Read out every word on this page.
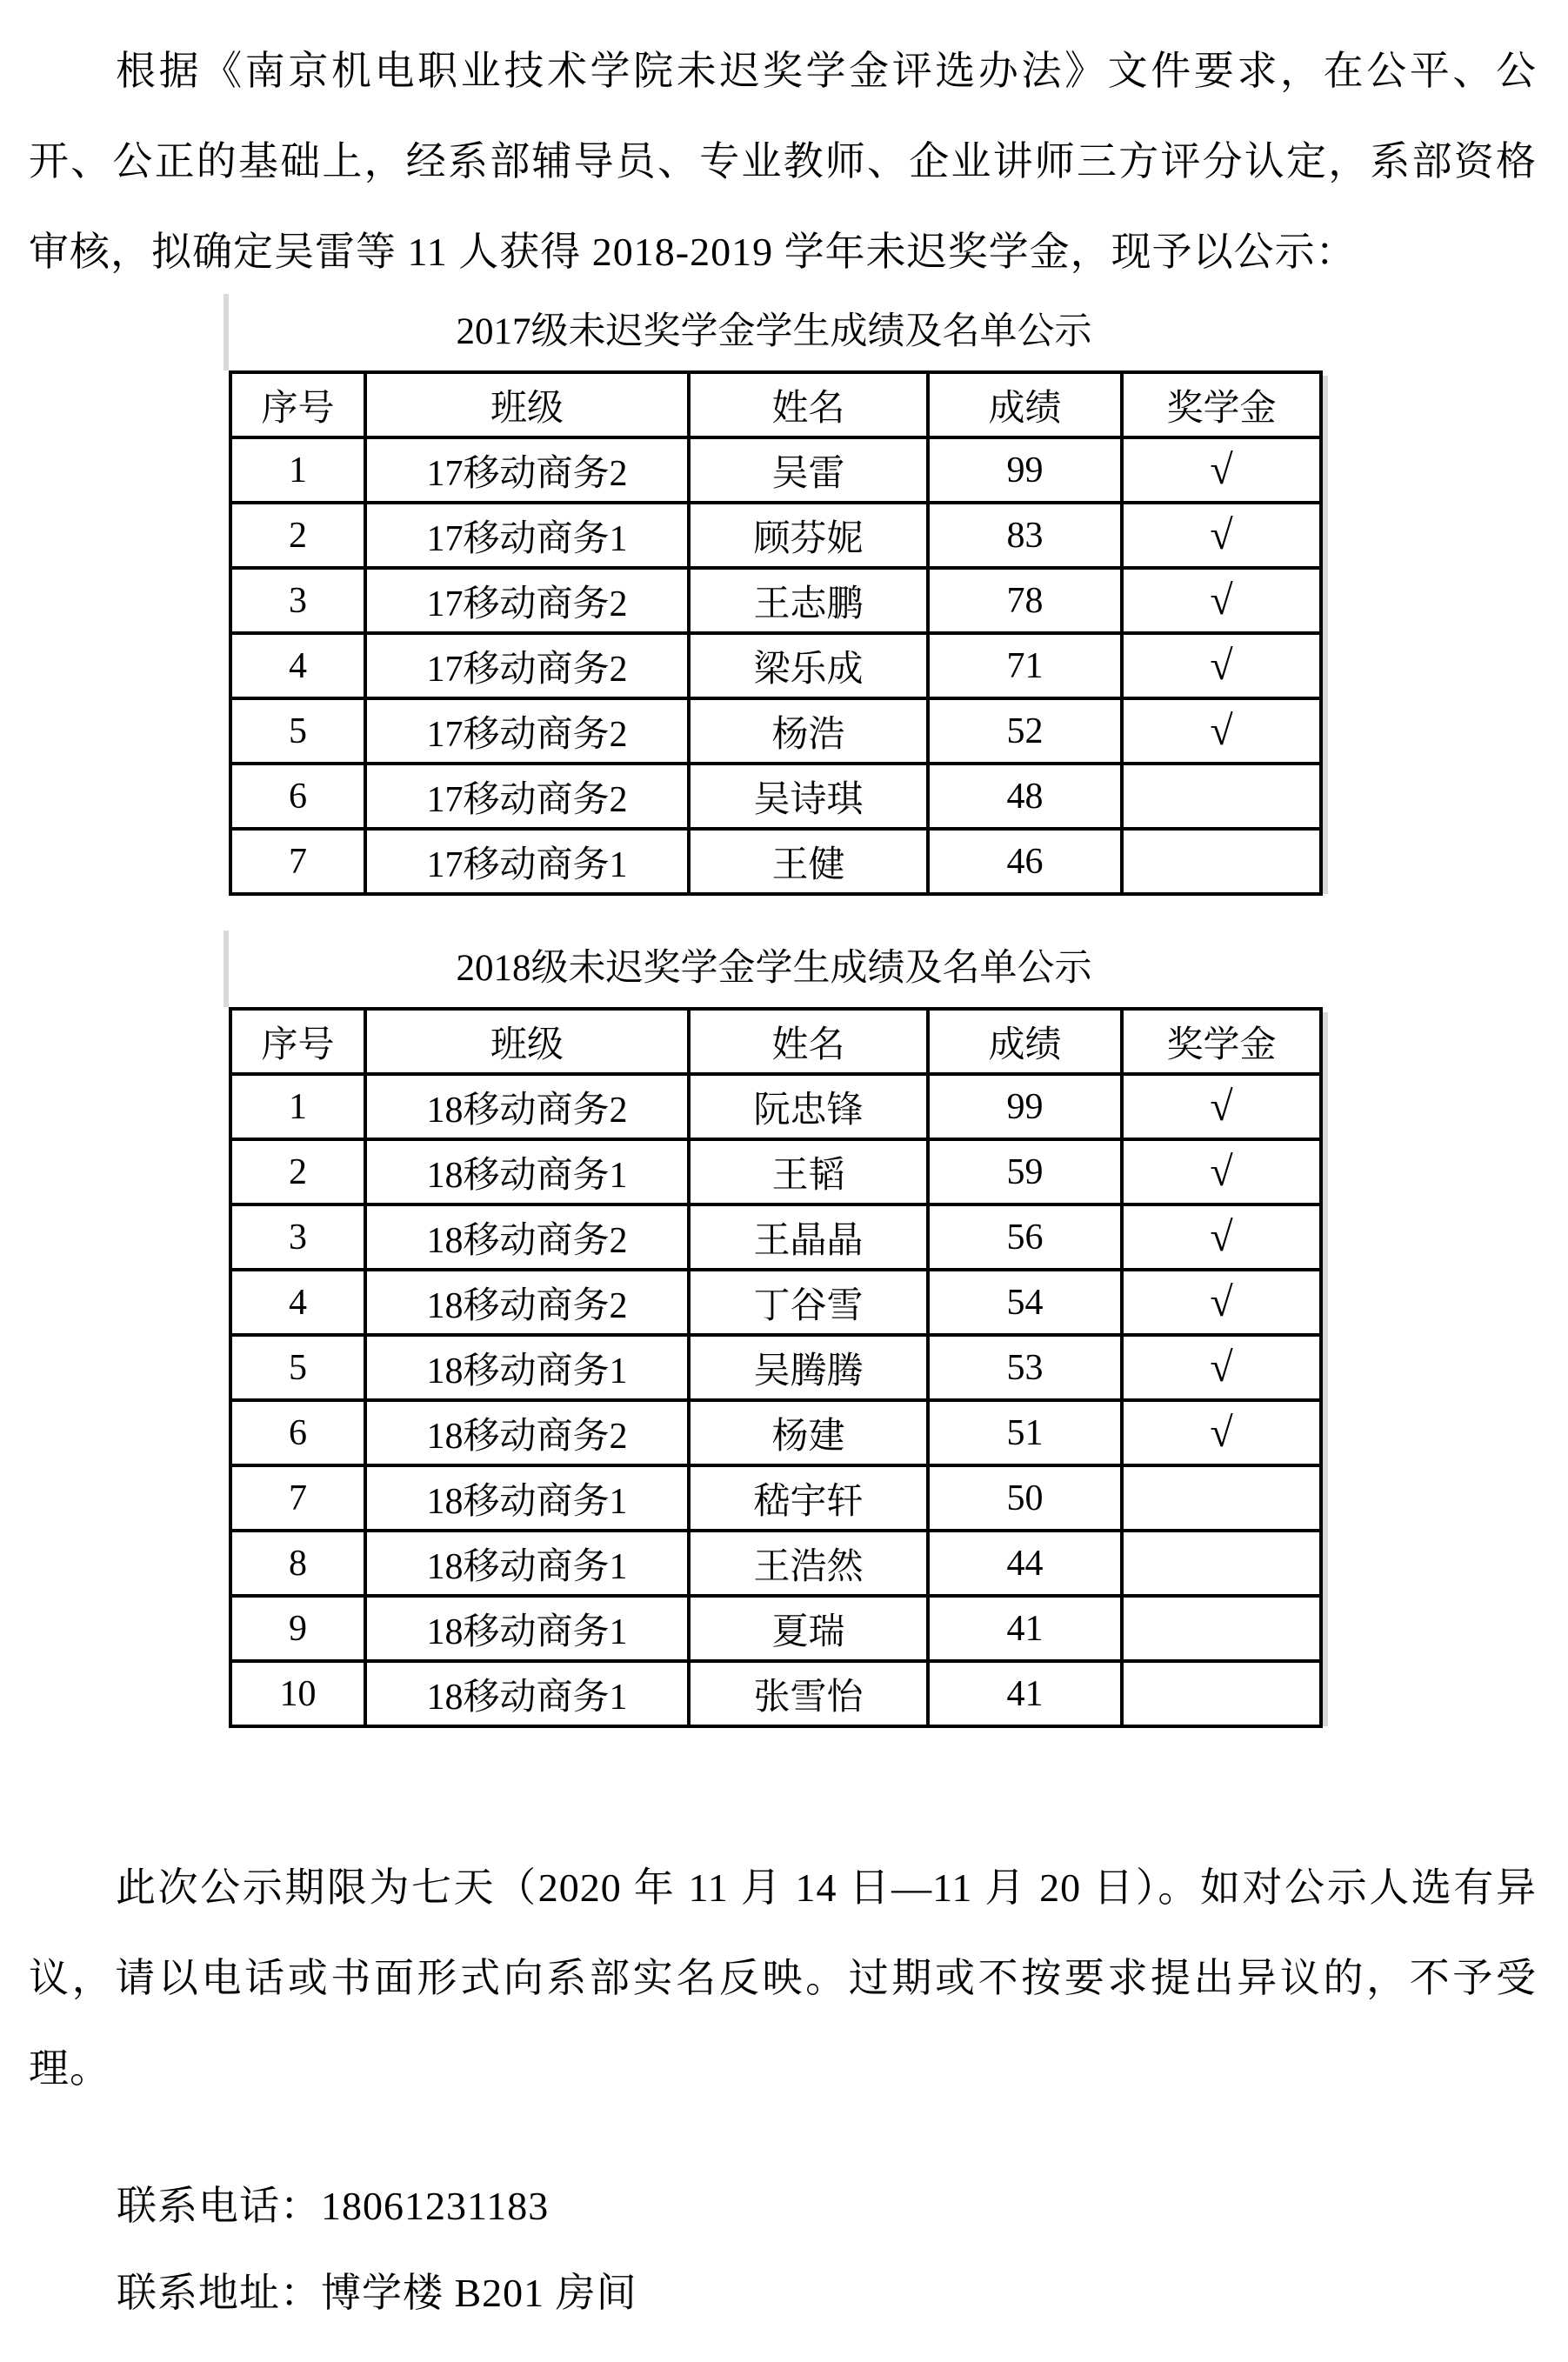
根据《南京机电职业技术学院未迟奖学金评选办法》文件要求，在公平、公开、公正的基础上，经系部辅导员、专业教师、企业讲师三方评分认定，系部资格审核，拟确定吴雷等 11 人获得 2018-2019 学年未迟奖学金，现予以公示：

2017级未迟奖学金学生成绩及名单公示
序号	班级	姓名	成绩	奖学金
1	17移动商务2	吴雷	99	√
2	17移动商务1	顾芬妮	83	√
3	17移动商务2	王志鹏	78	√
4	17移动商务2	梁乐成	71	√
5	17移动商务2	杨浩	52	√
6	17移动商务2	吴诗琪	48	
7	17移动商务1	王健	46	
2018级未迟奖学金学生成绩及名单公示
序号	班级	姓名	成绩	奖学金
1	18移动商务2	阮忠锋	99	√
2	18移动商务1	王韬	59	√
3	18移动商务2	王晶晶	56	√
4	18移动商务2	丁谷雪	54	√
5	18移动商务1	吴腾腾	53	√
6	18移动商务2	杨建	51	√
7	18移动商务1	嵇宇轩	50	
8	18移动商务1	王浩然	44	
9	18移动商务1	夏瑞	41	
10	18移动商务1	张雪怡	41	

此次公示期限为七天（2020 年 11 月 14 日—11 月 20 日）。如对公示人选有异议，请以电话或书面形式向系部实名反映。过期或不按要求提出异议的，不予受理。

联系电话：18061231183
联系地址：博学楼 B201 房间
